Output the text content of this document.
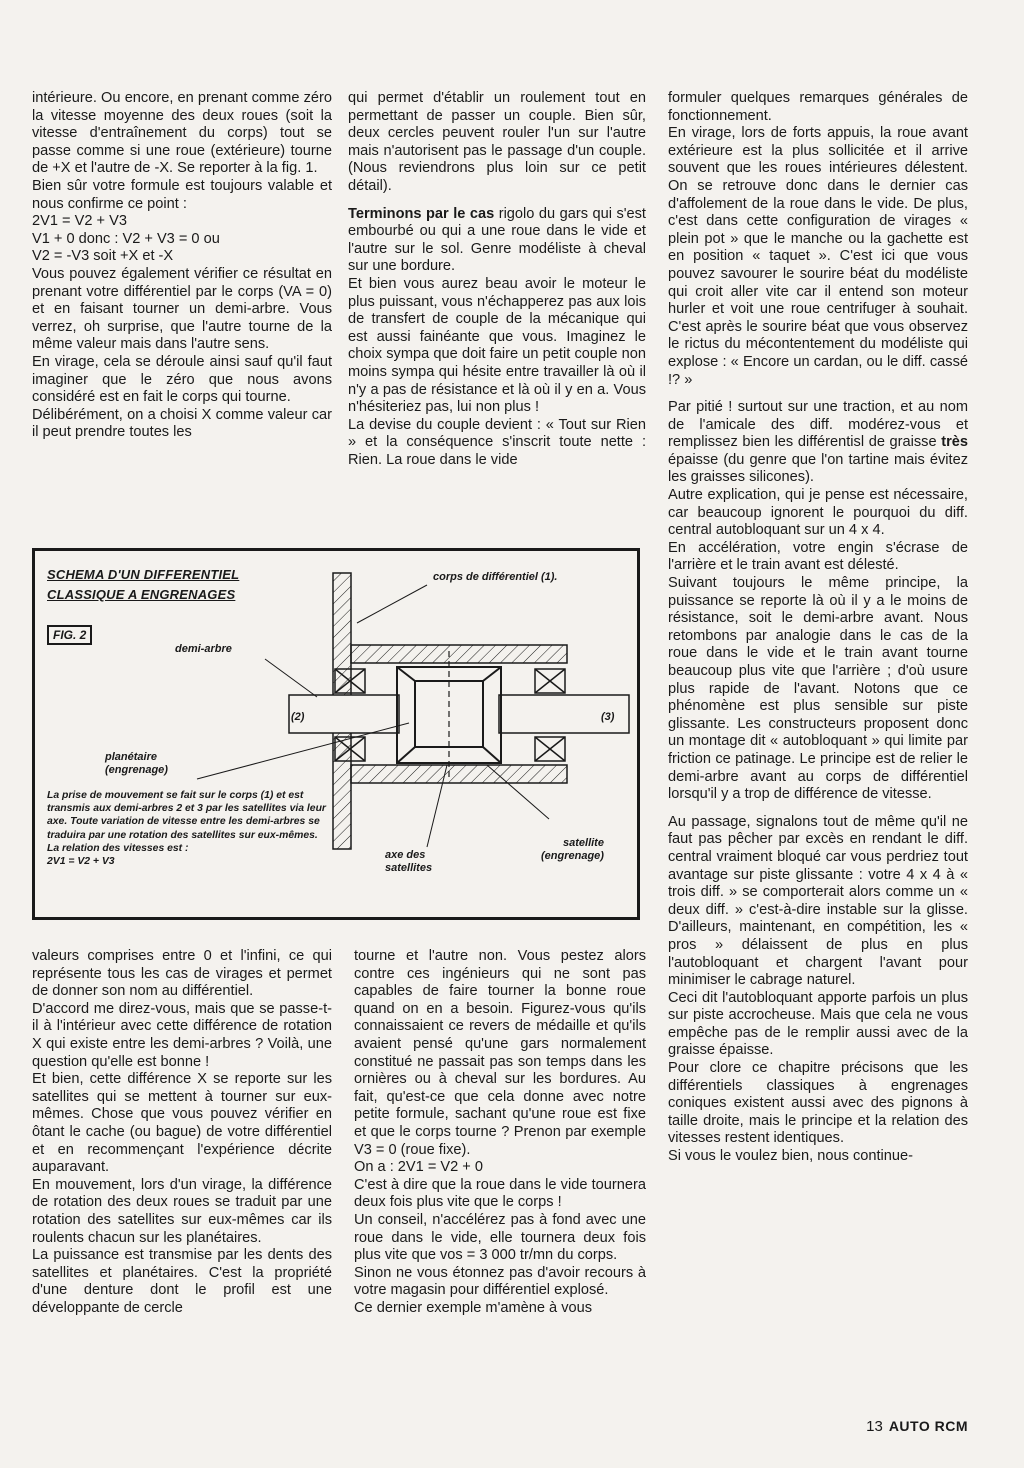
intérieure. Ou encore, en prenant comme zéro la vitesse moyenne des deux roues (soit la vitesse d'entraînement du corps) tout se passe comme si une roue (extérieure) tourne de +X et l'autre de -X. Se reporter à la fig. 1.

Bien sûr votre formule est toujours valable et nous confirme ce point :

2V1 = V2 + V3

V1 + 0 donc : V2 + V3 = 0 ou

V2 = -V3 soit +X et -X

Vous pouvez également vérifier ce résultat en prenant votre différentiel par le corps (VA = 0) et en faisant tourner un demi-arbre. Vous verrez, oh surprise, que l'autre tourne de la même valeur mais dans l'autre sens.

En virage, cela se déroule ainsi sauf qu'il faut imaginer que le zéro que nous avons considéré est en fait le corps qui tourne.

Délibérément, on a choisi X comme valeur car il peut prendre toutes les

qui permet d'établir un roulement tout en permettant de passer un couple. Bien sûr, deux cercles peuvent rouler l'un sur l'autre mais n'autorisent pas le passage d'un couple. (Nous reviendrons plus loin sur ce petit détail).

Terminons par le cas rigolo du gars qui s'est embourbé ou qui a une roue dans le vide et l'autre sur le sol. Genre modéliste à cheval sur une bordure.

Et bien vous aurez beau avoir le moteur le plus puissant, vous n'échapperez pas aux lois de transfert de couple de la mécanique qui est aussi fainéante que vous. Imaginez le choix sympa que doit faire un petit couple non moins sympa qui hésite entre travailler là où il n'y a pas de résistance et là où il y en a. Vous n'hésiteriez pas, lui non plus !

La devise du couple devient : « Tout sur Rien » et la conséquence s'inscrit toute nette : Rien. La roue dans le vide

formuler quelques remarques générales de fonctionnement.

En virage, lors de forts appuis, la roue avant extérieure est la plus sollicitée et il arrive souvent que les roues intérieures délestent. On se retrouve donc dans le dernier cas d'affolement de la roue dans le vide. De plus, c'est dans cette configuration de virages « plein pot » que le manche ou la gachette est en position « taquet ». C'est ici que vous pouvez savourer le sourire béat du modéliste qui croit aller vite car il entend son moteur hurler et voit une roue centrifuger à souhait. C'est après le sourire béat que vous observez le rictus du mécontentement du modéliste qui explose : « Encore un cardan, ou le diff. cassé !? »

Par pitié ! surtout sur une traction, et au nom de l'amicale des diff. modérez-vous et remplissez bien les différentisl de graisse très épaisse (du genre que l'on tartine mais évitez les graisses silicones).

Autre explication, qui je pense est nécessaire, car beaucoup ignorent le pourquoi du diff. central autobloquant sur un 4 x 4.

En accélération, votre engin s'écrase de l'arrière et le train avant est délesté.

Suivant toujours le même principe, la puissance se reporte là où il y a le moins de résistance, soit le demi-arbre avant. Nous retombons par analogie dans le cas de la roue dans le vide et le train avant tourne beaucoup plus vite que l'arrière ; d'où usure plus rapide de l'avant. Notons que ce phénomène est plus sensible sur piste glissante. Les constructeurs proposent donc un montage dit « autobloquant » qui limite par friction ce patinage. Le principe est de relier le demi-arbre avant au corps de différentiel lorsqu'il y a trop de différence de vitesse.

Au passage, signalons tout de même qu'il ne faut pas pêcher par excès en rendant le diff. central vraiment bloqué car vous perdriez tout avantage sur piste glissante : votre 4 x 4 à « trois diff. » se comporterait alors comme un « deux diff. » c'est-à-dire instable sur la glisse. D'ailleurs, maintenant, en compétition, les « pros » délaissent de plus en plus l'autobloquant et chargent l'avant pour minimiser le cabrage naturel.

Ceci dit l'autobloquant apporte parfois un plus sur piste accrocheuse. Mais que cela ne vous empêche pas de le remplir aussi avec de la graisse épaisse.

Pour clore ce chapitre précisons que les différentiels classiques à engrenages coniques existent aussi avec des pignons à taille droite, mais le principe et la relation des vitesses restent identiques.

Si vous le voulez bien, nous continue-

SCHEMA D'UN DIFFERENTIEL
CLASSIQUE A ENGRENAGES
FIG. 2
corps de différentiel (1).
demi-arbre
(2)	(3)
planétaire
(engrenage)
axe des
satellites
satellite
(engrenage)

La prise de mouvement se fait sur le corps (1) et est transmis aux demi-arbres 2 et 3 par les satellites via leur axe. Toute variation de vitesse entre les demi-arbres se traduira par une rotation des satellites sur eux-mêmes.

La relation des vitesses est :

2V1 = V2 + V3

valeurs comprises entre 0 et l'infini, ce qui représente tous les cas de virages et permet de donner son nom au différentiel.

D'accord me direz-vous, mais que se passe-t-il à l'intérieur avec cette différence de rotation X qui existe entre les demi-arbres ? Voilà, une question qu'elle est bonne !

Et bien, cette différence X se reporte sur les satellites qui se mettent à tourner sur eux-mêmes. Chose que vous pouvez vérifier en ôtant le cache (ou bague) de votre différentiel et en recommençant l'expérience décrite auparavant.

En mouvement, lors d'un virage, la différence de rotation des deux roues se traduit par une rotation des satellites sur eux-mêmes car ils roulents chacun sur les planétaires.

La puissance est transmise par les dents des satellites et planétaires. C'est la propriété d'une denture dont le profil est une développante de cercle

tourne et l'autre non. Vous pestez alors contre ces ingénieurs qui ne sont pas capables de faire tourner la bonne roue quand on en a besoin. Figurez-vous qu'ils connaissaient ce revers de médaille et qu'ils avaient pensé qu'une gars normalement constitué ne passait pas son temps dans les ornières ou à cheval sur les bordures. Au fait, qu'est-ce que cela donne avec notre petite formule, sachant qu'une roue est fixe et que le corps tourne ? Prenon par exemple V3 = 0 (roue fixe).

On a : 2V1 = V2 + 0

C'est à dire que la roue dans le vide tournera deux fois plus vite que le corps !

Un conseil, n'accélérez pas à fond avec une roue dans le vide, elle tournera deux fois plus vite que vos = 3 000 tr/mn du corps.

Sinon ne vous étonnez pas d'avoir recours à votre magasin pour différentiel explosé.

Ce dernier exemple m'amène à vous

13 AUTO RCM
